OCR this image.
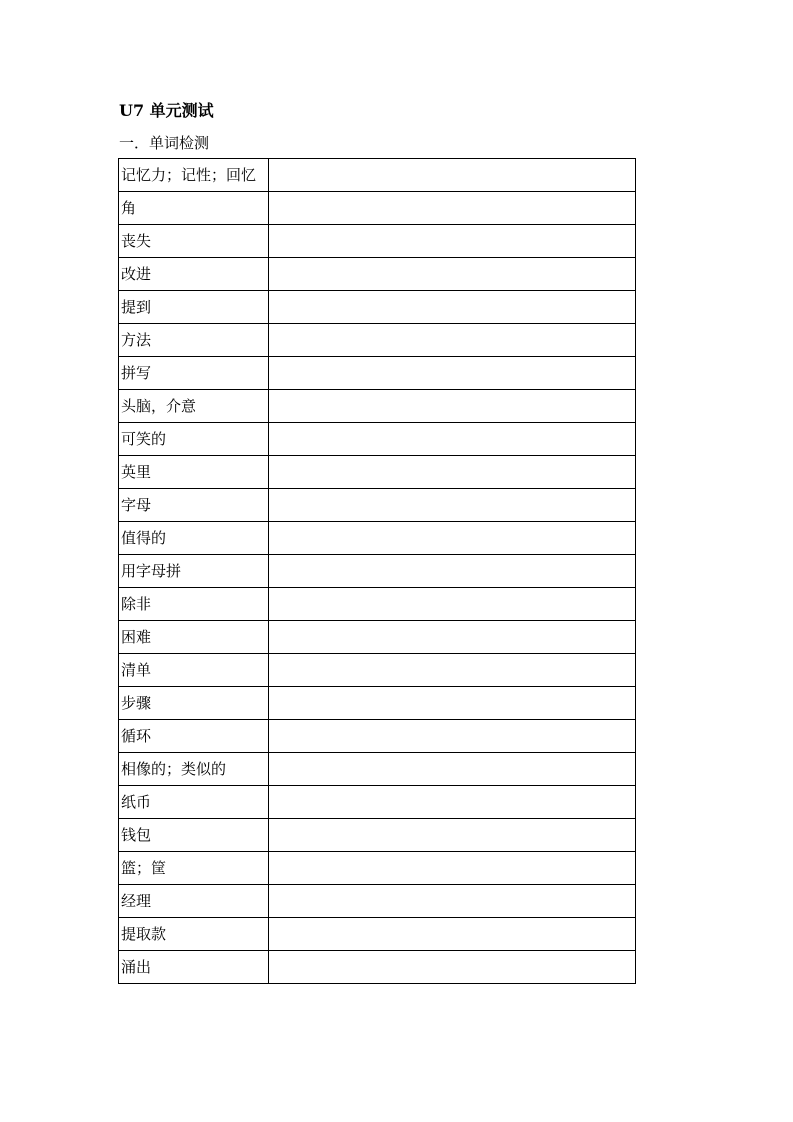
U7 单元测试
一．单词检测
记忆力；记性；回忆	
角	
丧失	
改进	
提到	
方法	
拼写	
头脑，介意	
可笑的	
英里	
字母	
值得的	
用字母拼	
除非	
困难	
清单	
步骤	
循环	
相像的；类似的	
纸币	
钱包	
篮；筐	
经理	
提取款	
涌出	
